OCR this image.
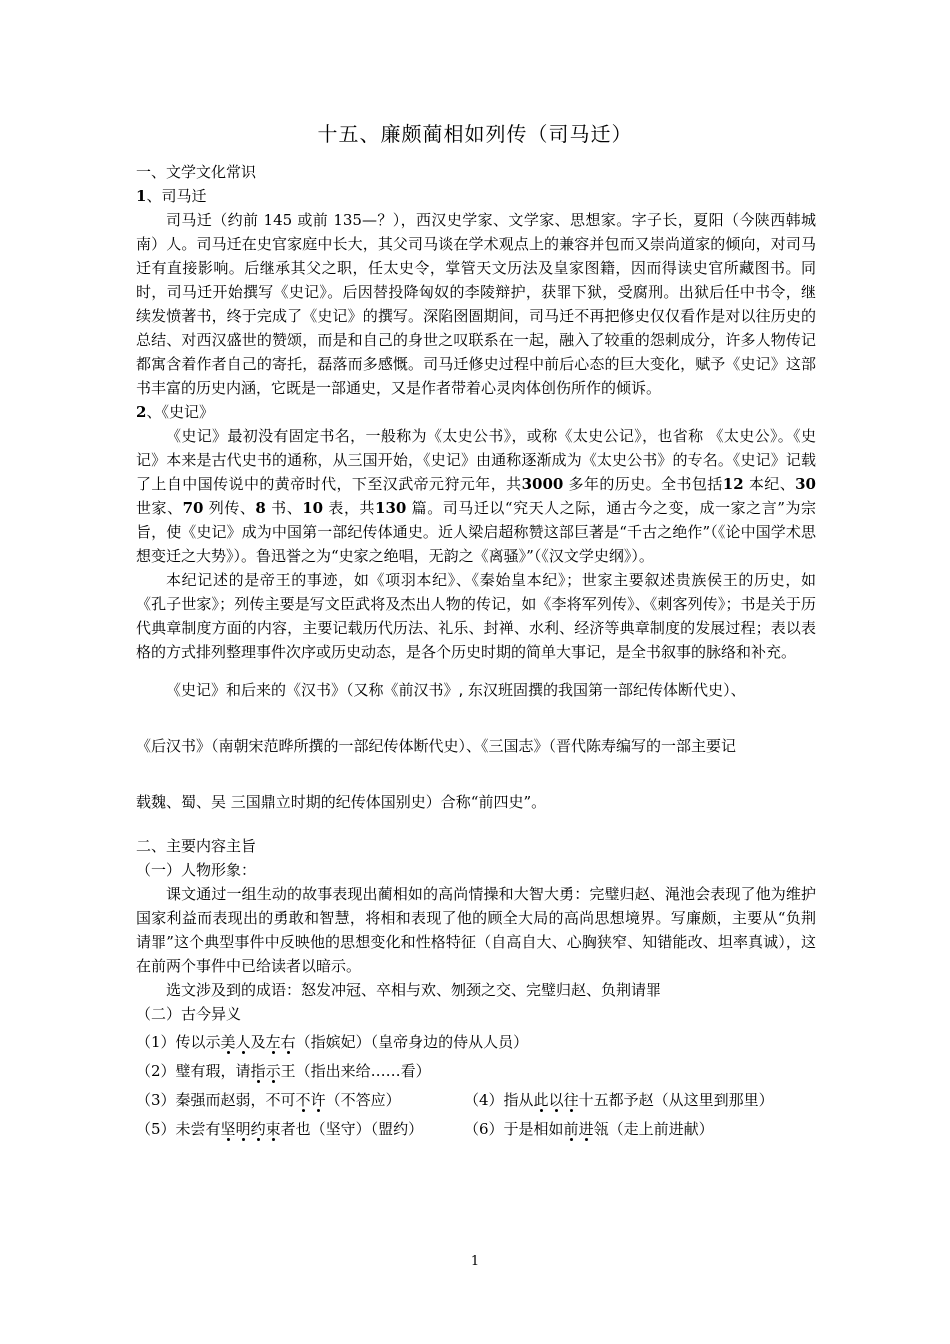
十五、廉颇蔺相如列传（司马迁）
一、文学文化常识
1、司马迁
司马迁（约前 145 或前 135—？），西汉史学家、文学家、思想家。字子长，夏阳（今陕西韩城南）人。司马迁在史官家庭中长大，其父司马谈在学术观点上的兼容并包而又崇尚道家的倾向，对司马迁有直接影响。后继承其父之职，任太史令，掌管天文历法及皇家图籍，因而得读史官所藏图书。同时，司马迁开始撰写《史记》。后因替投降匈奴的李陵辩护，获罪下狱，受腐刑。出狱后任中书令，继续发愤著书，终于完成了《史记》的撰写。深陷囹圄期间，司马迁不再把修史仅仅看作是对以往历史的总结、对西汉盛世的赞颂，而是和自己的身世之叹联系在一起，融入了较重的怨刺成分，许多人物传记都寓含着作者自己的寄托，磊落而多感慨。司马迁修史过程中前后心态的巨大变化，赋予《史记》这部书丰富的历史内涵，它既是一部通史，又是作者带着心灵肉体创伤所作的倾诉。
2、《史记》
《史记》最初没有固定书名，一般称为《太史公书》，或称《太史公记》，也省称 《太史公》。《史记》本来是古代史书的通称，从三国开始，《史记》由通称逐渐成为《太史公书》的专名。《史记》记载了上自中国传说中的黄帝时代，下至汉武帝元狩元年，共3000 多年的历史。全书包括12 本纪、30 世家、70 列传、8 书、10 表，共130 篇。司马迁以“究天人之际，通古今之变，成一家之言”为宗旨，使《史记》成为中国第一部纪传体通史。近人梁启超称赞这部巨著是“千古之绝作”（《论中国学术思想变迁之大势》）。鲁迅誉之为“史家之绝唱，无韵之《离骚》”（《汉文学史纲》）。
本纪记述的是帝王的事迹，如《项羽本纪》、《秦始皇本纪》；世家主要叙述贵族侯王的历史，如《孔子世家》；列传主要是写文臣武将及杰出人物的传记，如《李将军列传》、《刺客列传》；书是关于历代典章制度方面的内容，主要记载历代历法、礼乐、封禅、水利、经济等典章制度的发展过程；表以表格的方式排列整理事件次序或历史动态，是各个历史时期的简单大事记，是全书叙事的脉络和补充。
《史记》和后来的《汉书》（又称《前汉书》, 东汉班固撰的我国第一部纪传体断代史）、
《后汉书》（南朝宋范晔所撰的一部纪传体断代史）、《三国志》（晋代陈寿编写的一部主要记
载魏、蜀、吴 三国鼎立时期的纪传体国别史）合称“前四史”。
二、主要内容主旨
（一）人物形象：
课文通过一组生动的故事表现出蔺相如的高尚情操和大智大勇：完璧归赵、渑池会表现了他为维护国家利益而表现出的勇敢和智慧，将相和表现了他的顾全大局的高尚思想境界。写廉颇，主要从“负荆请罪”这个典型事件中反映他的思想变化和性格特征（自高自大、心胸狭窄、知错能改、坦率真诚），这在前两个事件中已给读者以暗示。
选文涉及到的成语：怒发冲冠、卒相与欢、刎颈之交、完璧归赵、负荆请罪
（二）古今异义
（1）传以示美人及左右（指嫔妃）（皇帝身边的侍从人员）
（2）璧有瑕，请指示王（指出来给……看）
（3）秦强而赵弱，不可不许（不答应）	（4）指从此以往十五都予赵（从这里到那里）
（5）未尝有坚明约束者也（坚守）（盟约）	（6）于是相如前进瓴（走上前进献）
1
